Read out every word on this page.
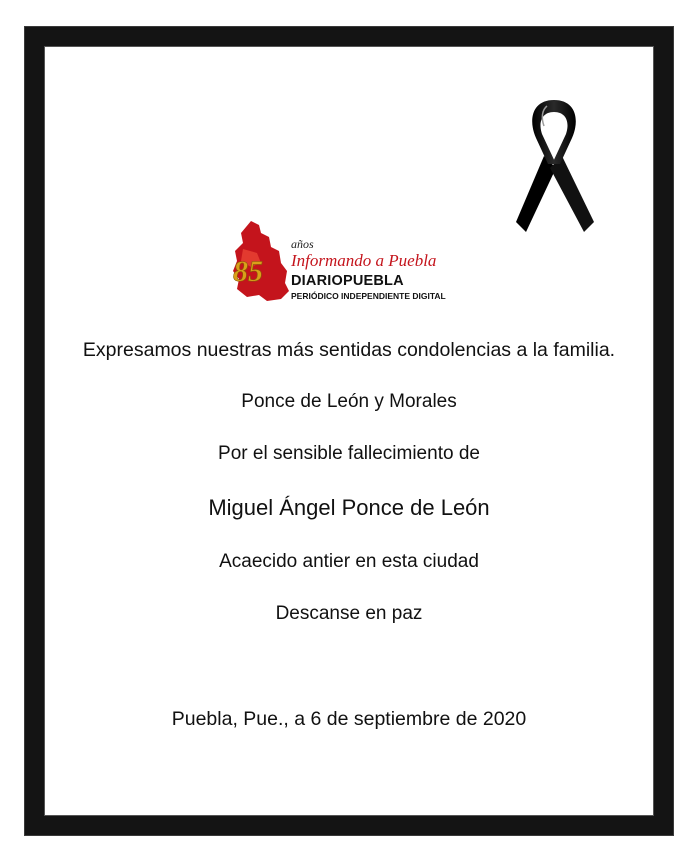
85
años
Informando a Puebla
DIARIOPUEBLA
PERIÓDICO INDEPENDIENTE DIGITAL
Expresamos nuestras más sentidas condolencias a la familia.
Ponce de León y Morales
Por el sensible fallecimiento de
Miguel Ángel Ponce de León
Acaecido antier en esta ciudad
Descanse en paz
Puebla, Pue., a 6 de septiembre de 2020
